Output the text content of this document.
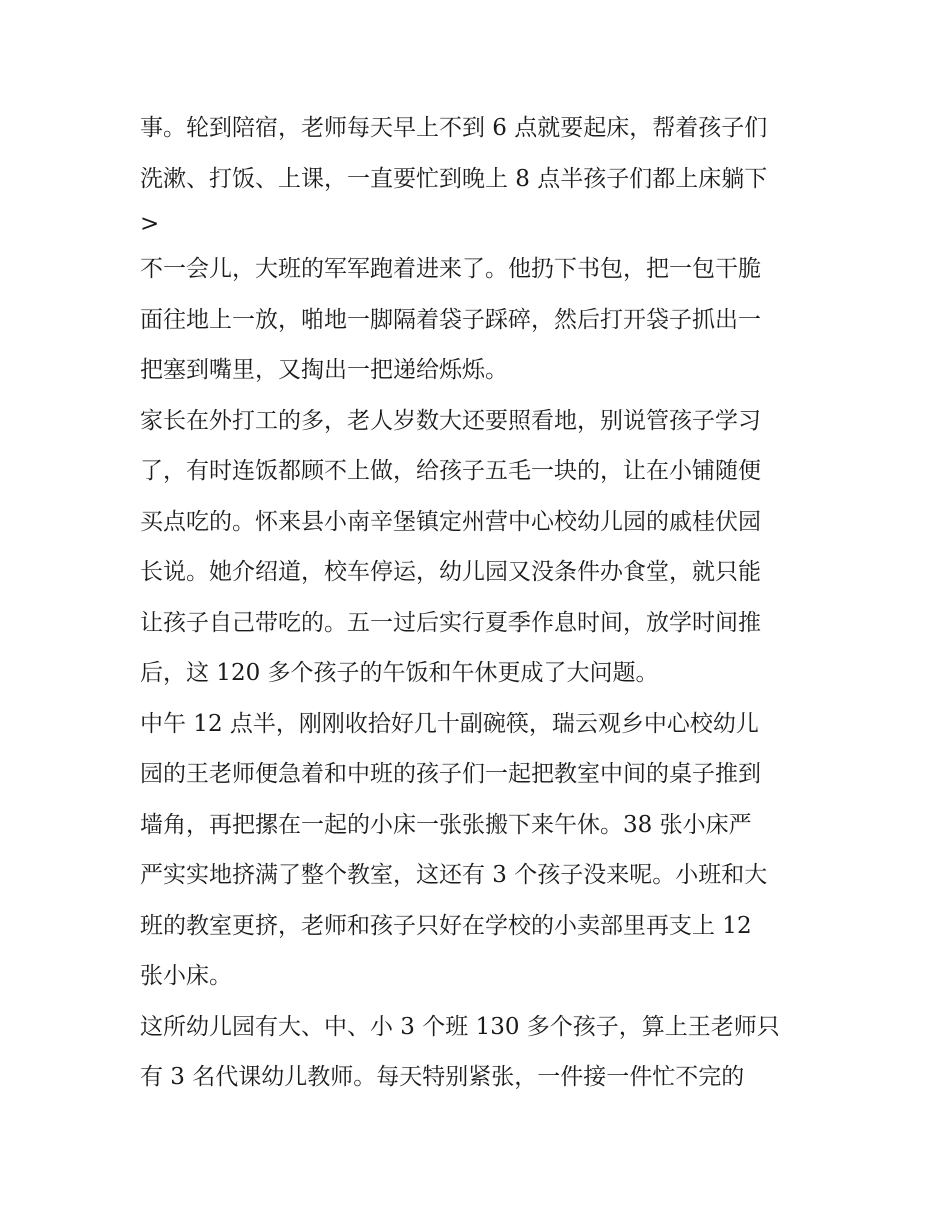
事。轮到陪宿，老师每天早上不到 6 点就要起床，帮着孩子们
洗漱、打饭、上课，一直要忙到晚上 8 点半孩子们都上床躺下
>
不一会儿，大班的军军跑着进来了。他扔下书包，把一包干脆
面往地上一放，啪地一脚隔着袋子踩碎，然后打开袋子抓出一
把塞到嘴里，又掏出一把递给烁烁。
家长在外打工的多，老人岁数大还要照看地，别说管孩子学习
了，有时连饭都顾不上做，给孩子五毛一块的，让在小铺随便
买点吃的。怀来县小南辛堡镇定州营中心校幼儿园的戚桂伏园
长说。她介绍道，校车停运，幼儿园又没条件办食堂，就只能
让孩子自己带吃的。五一过后实行夏季作息时间，放学时间推
后，这 120 多个孩子的午饭和午休更成了大问题。
中午 12 点半，刚刚收拾好几十副碗筷，瑞云观乡中心校幼儿
园的王老师便急着和中班的孩子们一起把教室中间的桌子推到
墙角，再把摞在一起的小床一张张搬下来午休。38 张小床严
严实实地挤满了整个教室，这还有 3 个孩子没来呢。小班和大
班的教室更挤，老师和孩子只好在学校的小卖部里再支上 12
张小床。
这所幼儿园有大、中、小 3 个班 130 多个孩子，算上王老师只
有 3 名代课幼儿教师。每天特别紧张，一件接一件忙不完的
